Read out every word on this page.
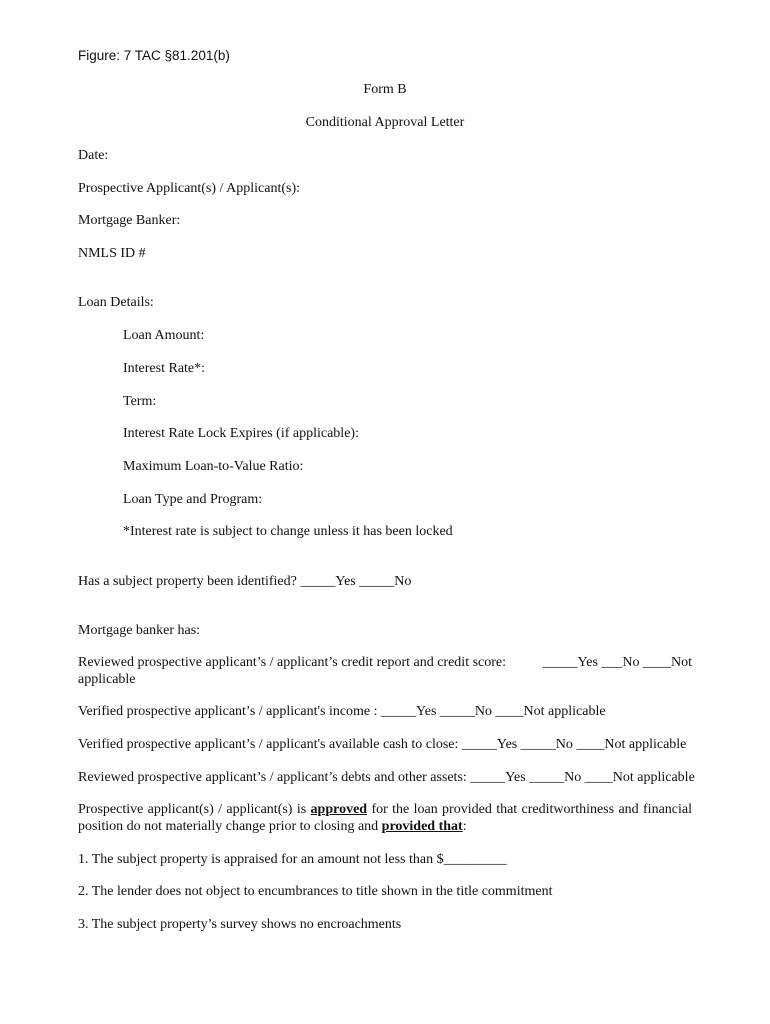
Figure: 7 TAC §81.201(b)
Form B
Conditional Approval Letter
Date:
Prospective Applicant(s) / Applicant(s):
Mortgage Banker:
NMLS ID #
Loan Details:
Loan Amount:
Interest Rate*:
Term:
Interest Rate Lock Expires (if applicable):
Maximum Loan-to-Value Ratio:
Loan Type and Program:
*Interest rate is subject to change unless it has been locked
Has a subject property been identified? _____Yes _____No
Mortgage banker has:
Reviewed prospective applicant’s / applicant’s credit report and credit score:	_____Yes ___No ____Not
applicable
Verified prospective applicant’s / applicant's income : _____Yes _____No ____Not applicable
Verified prospective applicant’s / applicant's available cash to close: _____Yes _____No ____Not applicable
Reviewed prospective applicant’s / applicant’s debts and other assets: _____Yes _____No ____Not applicable
Prospective applicant(s) / applicant(s) is approved for the loan provided that creditworthiness and financial position do not materially change prior to closing and provided that:
1. The subject property is appraised for an amount not less than $_________
2. The lender does not object to encumbrances to title shown in the title commitment
3. The subject property’s survey shows no encroachments
